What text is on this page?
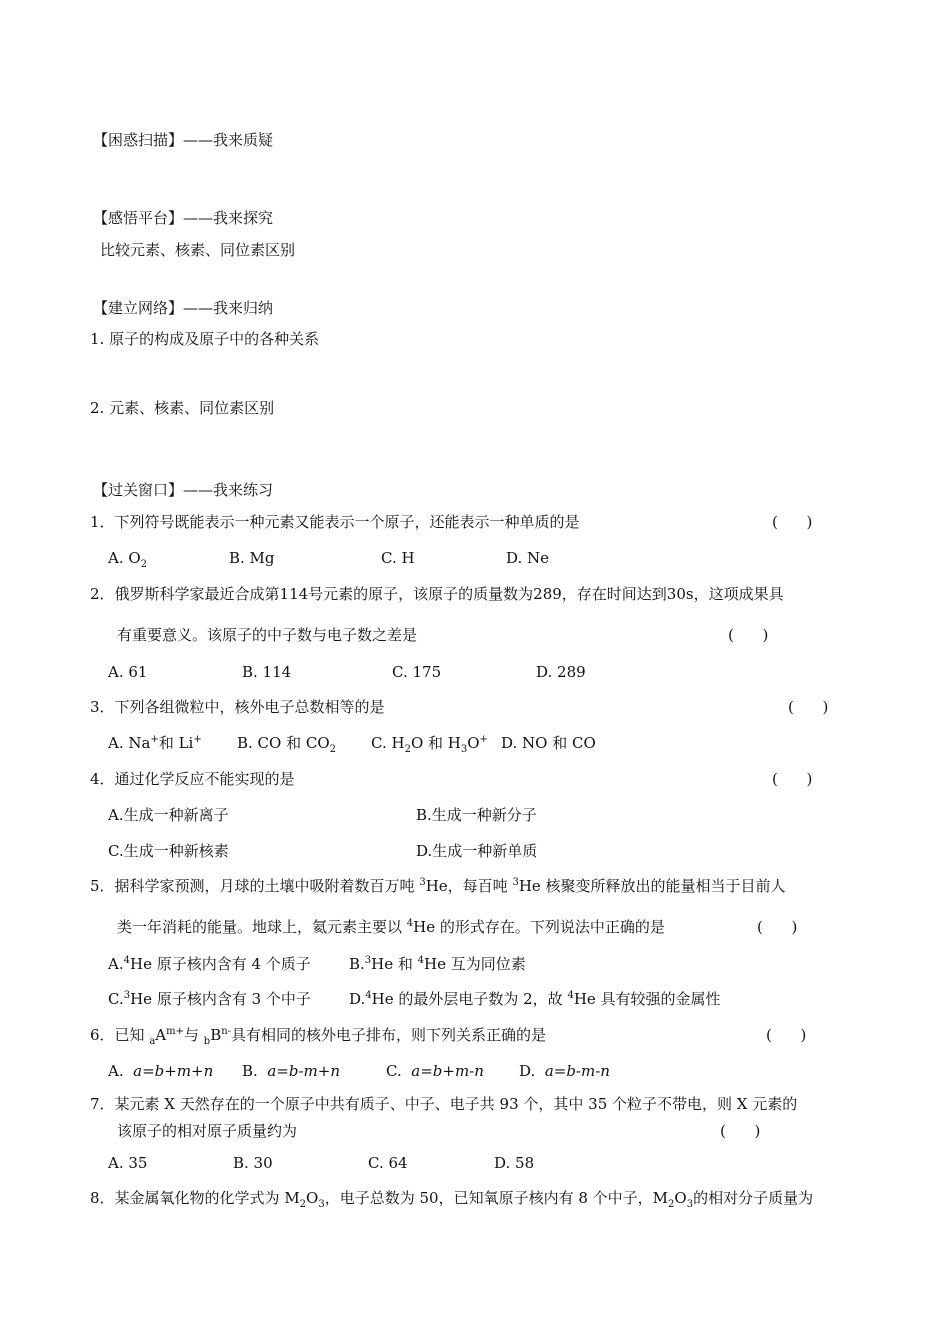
【困惑扫描】——我来质疑
【感悟平台】——我来探究
比较元素、核素、同位素区别
【建立网络】——我来归纳
1. 原子的构成及原子中的各种关系
2. 元素、核素、同位素区别
【过关窗口】——我来练习
1．下列符号既能表示一种元素又能表示一个原子，还能表示一种单质的是	(      )
A. $O_2$	B. Mg	C. H	D. Ne
2．俄罗斯科学家最近合成第114号元素的原子，该原子的质量数为289，存在时间达到30s，这项成果具
有重要意义。该原子的中子数与电子数之差是	(      )
A. 61	B. 114	C. 175	D. 289
3．下列各组微粒中，核外电子总数相等的是	(      )
A. Na+和 Li+ B. CO 和 $CO_2$ C. $H_2O$ 和 $H_3O^+$ D. NO 和 CO
4．通过化学反应不能实现的是	(      )
A.生成一种新离子	B.生成一种新分子
C.生成一种新核素	D.生成一种新单质
5．据科学家预测，月球的土壤中吸附着数百万吨 $^3$He，每百吨 $^3$He 核聚变所释放出的能量相当于目前人
类一年消耗的能量。地球上，氦元素主要以 $^4$He 的形式存在。下列说法中正确的是	(      )
A.$^4$He 原子核内含有 4 个质子	B.$^3$He 和 $^4$He 互为同位素
C.$^3$He 原子核内含有 3 个中子	D.$^4$He 的最外层电子数为 2，故 $^4$He 具有较强的金属性
6．已知 $_aA^{m+}$与 $_bB^{n-}$具有相同的核外电子排布，则下列关系正确的是	(      )
A. a=b+m+n B. a=b-m+n	C. a=b+m-n D. a=b-m-n
7．某元素 X 天然存在的一个原子中共有质子、中子、电子共 93 个，其中 35 个粒子不带电，则 X 元素的
该原子的相对原子质量约为	(      )
A. 35	B. 30	C. 64	D. 58
8．某金属氧化物的化学式为 $M_2O_3$，电子总数为 50，已知氧原子核内有 8 个中子，$M_2O_3$的相对分子质量为
